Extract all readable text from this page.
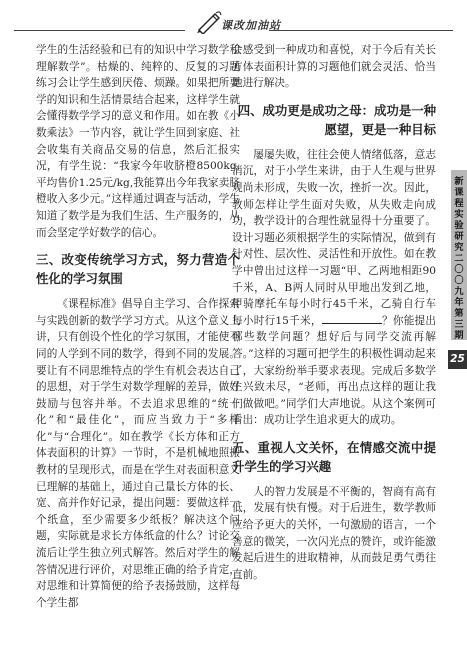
课改加油站

学生的生活经验和已有的知识中学习数学和理解数学”。枯燥的、纯粹的、反复的习题练习会让学生感到厌倦、烦躁。如果把所要学的知识和生活情景结合起来，这样学生就会懂得数学学习的意义和作用。如在教《小数乘法》一节内容，就让学生回到家庭、社会收集有关商品交易的信息，然后汇报实况，有学生说：“我家今年收脐橙8500kg,平均售价1.25元/kg,我能算出今年我家卖脐橙收入多少元。”这样通过调查与活动，学生知道了数学是为我们生活、生产服务的，从而会坚定学好数学的信心。

三、改变传统学习方式，努力营造个性化的学习氛围

《课程标准》倡导自主学习、合作探索与实践创新的数学学习方式。从这个意义上讲，只有创设个性化的学习氛围，才能使不同的人学到不同的数学，得到不同的发展。要让有不同思维特点的学生有机会表达自己的思想，对于学生对数学理解的差异，做好鼓励与包容并举。不去追求思维的“统一化”和“最佳化”，而应当致力于“多样化”与“合理化”。如在教学《长方体和正方体表面积的计算》一节时，不是机械地照搬教材的呈现形式，而是在学生对表面积意义已理解的基础上，通过自己量长方体的长、宽、高并作好记录，提出问题：要做这样一个纸盒，至少需要多少纸板？解决这个问题，实际就是求长方体纸盒的什么？讨论交流后让学生独立列式解答。然后对学生的解答情况进行评价，对思维正确的给予肯定，对思维和计算简便的给予表扬鼓励，这样每个学生都

会感受到一种成功和喜悦，对于今后有关长方体表面积计算的习题他们就会灵活、恰当地进行解决。

四、成功更是成功之母：成功是一种愿望，更是一种目标

屡屡失败，往往会使人情绪低落，意志消沉，对于小学生来讲，由于人生观与世界观尚未形成，失败一次，挫折一次。因此，教师怎样让学生面对失败，从失败走向成功，教学设计的合理性就显得十分重要了。设计习题必须根据学生的实际情况，做到有针对性、层次性、灵活性和开放性。如在教学中曾出过这样一习题“甲、乙两地相距90千米，A、B两人同时从甲地出发到乙地，甲骑摩托车每小时行45千米，乙骑自行车每小时行15千米，	？你能提出哪些数学问题？想好后与同学交流再解答。”这样的习题可把学生的积极性调动起来了，大家纷纷举手要求表现。完成后多数学生兴致未尽，“老师，再出点这样的题让我们做做吧。”同学们大声地说。从这个案例可看出：成功让学生追求更大的成功。

五、重视人文关怀，在情感交流中提升学生的学习兴趣

人的智力发展是不平衡的，智商有高有低，发展有快有慢。对于后进生，数学教师应给予更大的关怀，一句激励的语言，一个善意的微笑，一次闪光点的赞许，或许能激发起后进生的进取精神，从而鼓足勇气勇往直前。

新课程实验研究 二〇〇九年 第三期
25
